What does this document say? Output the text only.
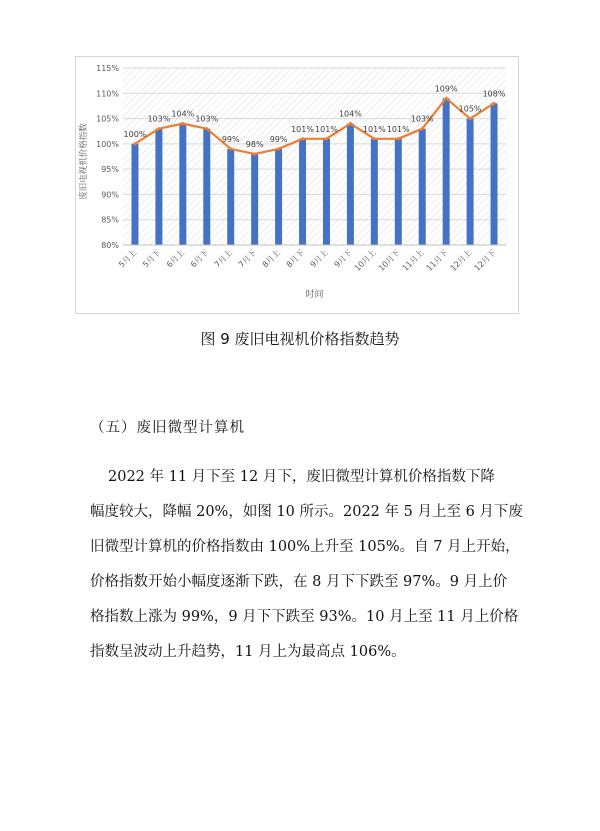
100%
103%
104%
103%
99%
98%
99%
101% 101%
104%
101% 101%
103%
109%
105%
108%
80%
85%
90%
95%
100%
105%
110%
115%
5月上 5月下 6月上 6月下 7月上 7月下 8月上 8月下 9月上 9月下 10月上 10月下 11月上 11月下 12月上 12月下
时间
废旧电视机价格指数
图 9 废旧电视机价格指数趋势
（五）废旧微型计算机
2022 年 11 月下至 12 月下，废旧微型计算机价格指数下降
幅度较大，降幅 20%，如图 10 所示。2022 年 5 月上至 6 月下废
旧微型计算机的价格指数由 100%上升至 105%。自 7 月上开始，
价格指数开始小幅度逐渐下跌，在 8 月下下跌至 97%。9 月上价
格指数上涨为 99%，9 月下下跌至 93%。10 月上至 11 月上价格
指数呈波动上升趋势，11 月上为最高点 106%。
